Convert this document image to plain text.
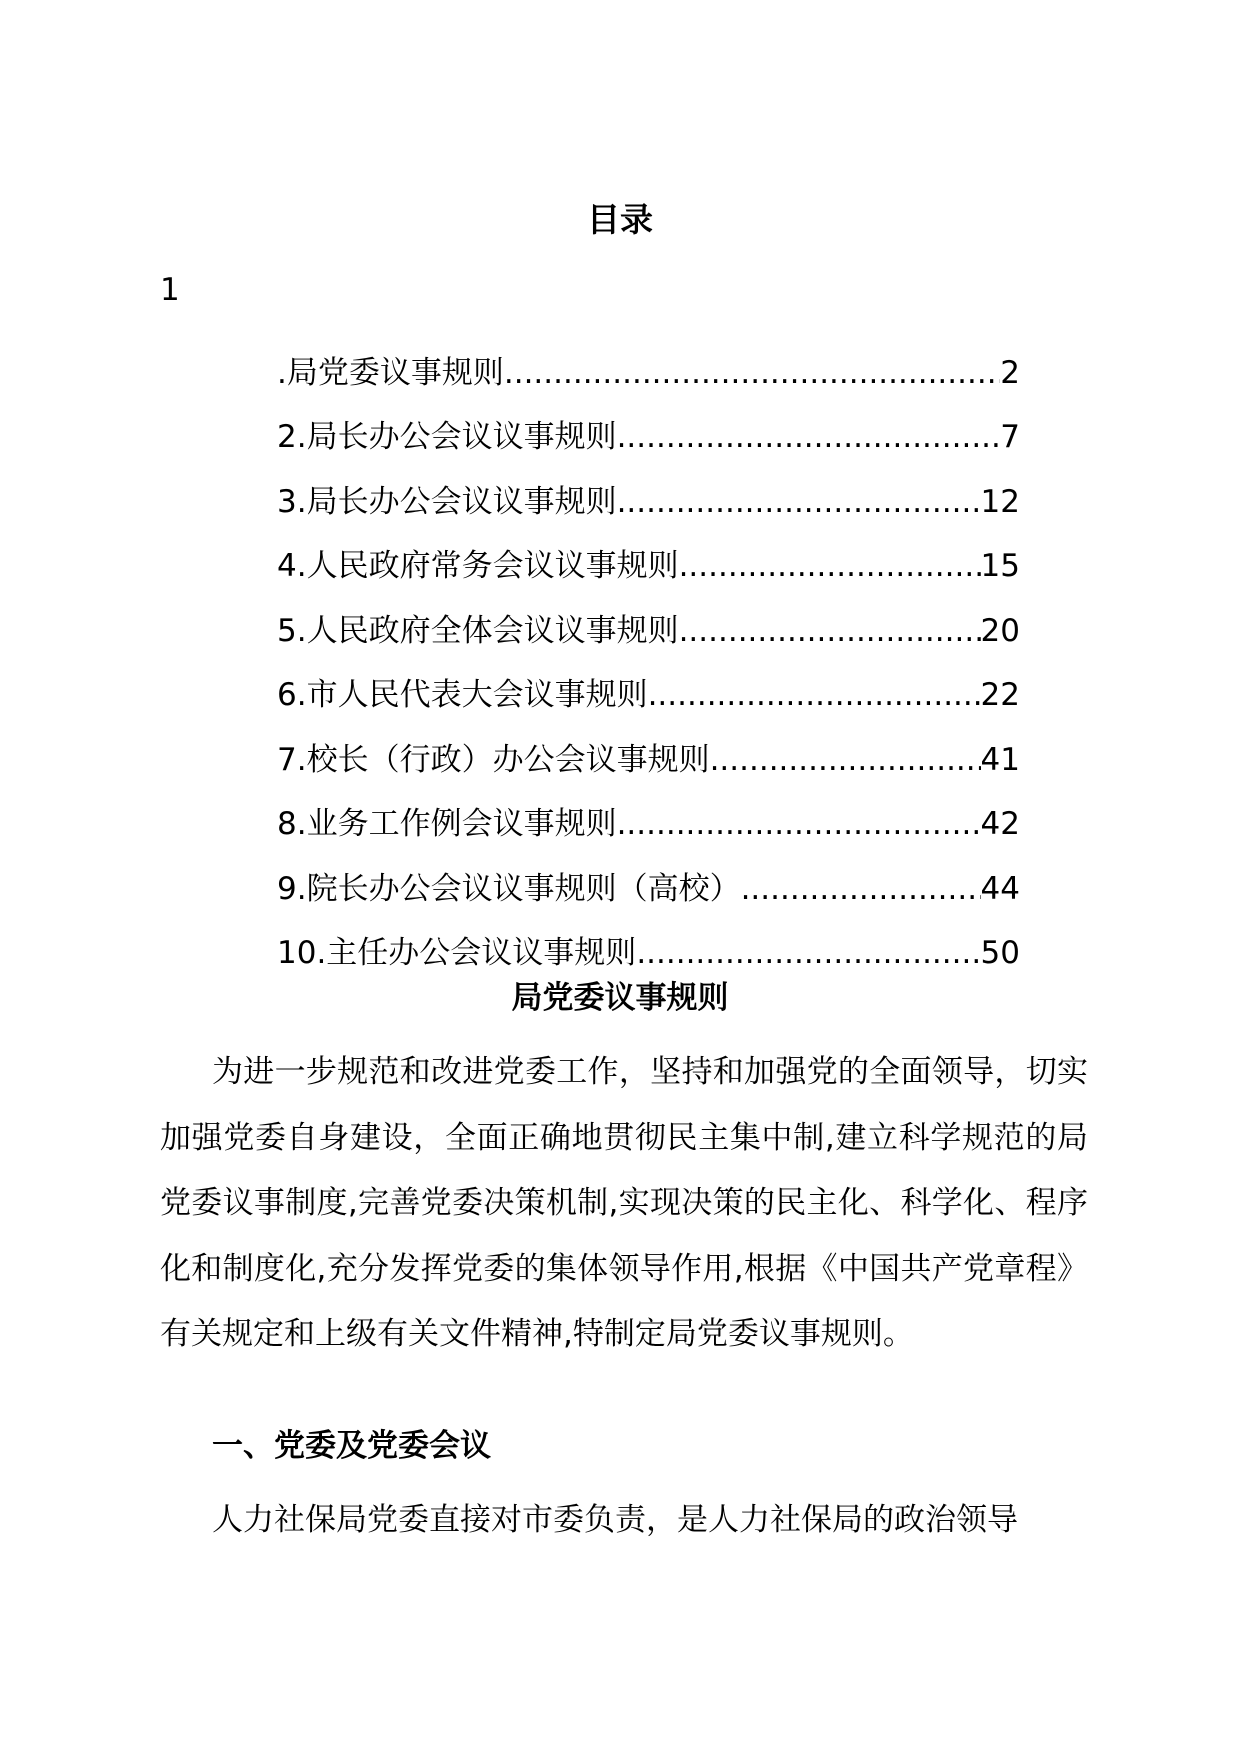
目录
1
.局党委议事规则 .....	2
2.局长办公会议议事规则 .....	7
3.局长办公会议议事规则 .....	12
4.人民政府常务会议议事规则 .....	15
5.人民政府全体会议议事规则 .....	20
6.市人民代表大会议事规则 .....	22
7.校长（行政）办公会议事规则 .....	41
8.业务工作例会议事规则 .....	42
9.院长办公会议议事规则（高校） .....	44
10.主任办公会议议事规则 .....	50
局党委议事规则

为进一步规范和改进党委工作，坚持和加强党的全面领导，切实加强党委自身建设，全面正确地贯彻民主集中制,建立科学规范的局党委议事制度,完善党委决策机制,实现决策的民主化、科学化、程序化和制度化,充分发挥党委的集体领导作用,根据《中国共产党章程》有关规定和上级有关文件精神,特制定局党委议事规则。

一、党委及党委会议

人力社保局党委直接对市委负责，是人力社保局的政治领导
